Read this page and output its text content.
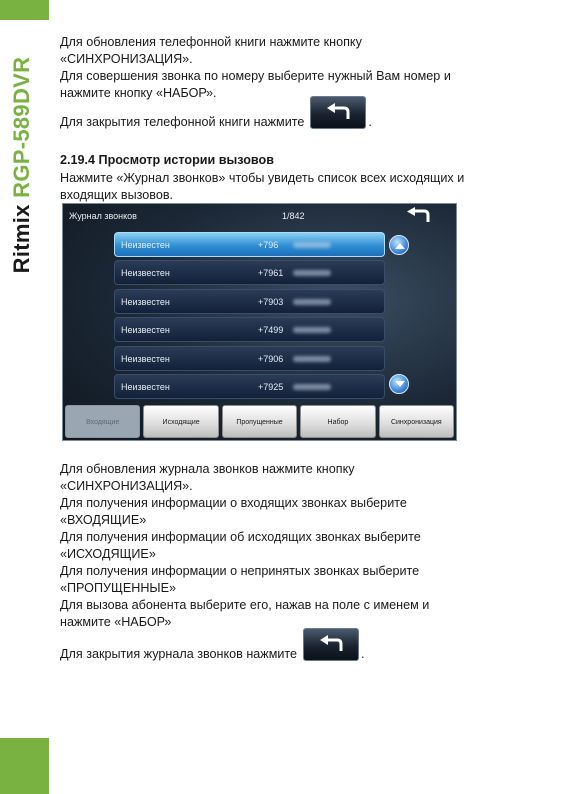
Ritmix RGP-589DVR
Для обновления телефонной книги нажмите кнопку
«СИНХРОНИЗАЦИЯ».
Для совершения звонка по номеру выберите нужный Вам номер и
нажмите кнопку «НАБОР».
Для закрытия телефонной книги нажмите	.
2.19.4 Просмотр истории вызовов
Нажмите «Журнал звонков» чтобы увидеть список всех исходящих и
входящих вызовов.
Журнал звонков	1/842
Неизвестен	+796
Неизвестен	+7961
Неизвестен	+7903
Неизвестен	+7499
Неизвестен	+7906
Неизвестен	+7925
Входящие	Исходящие	Пропущенные	Набор	Синхронизация
Для обновления журнала звонков нажмите кнопку
«СИНХРОНИЗАЦИЯ».
Для получения информации о входящих звонках выберите
«ВХОДЯЩИЕ»
Для получения информации об исходящих звонках выберите
«ИСХОДЯЩИЕ»
Для получения информации о непринятых звонках выберите
«ПРОПУЩЕННЫЕ»
Для вызова абонента выберите его, нажав на поле с именем и
нажмите «НАБОР»
Для закрытия журнала звонков нажмите	.
